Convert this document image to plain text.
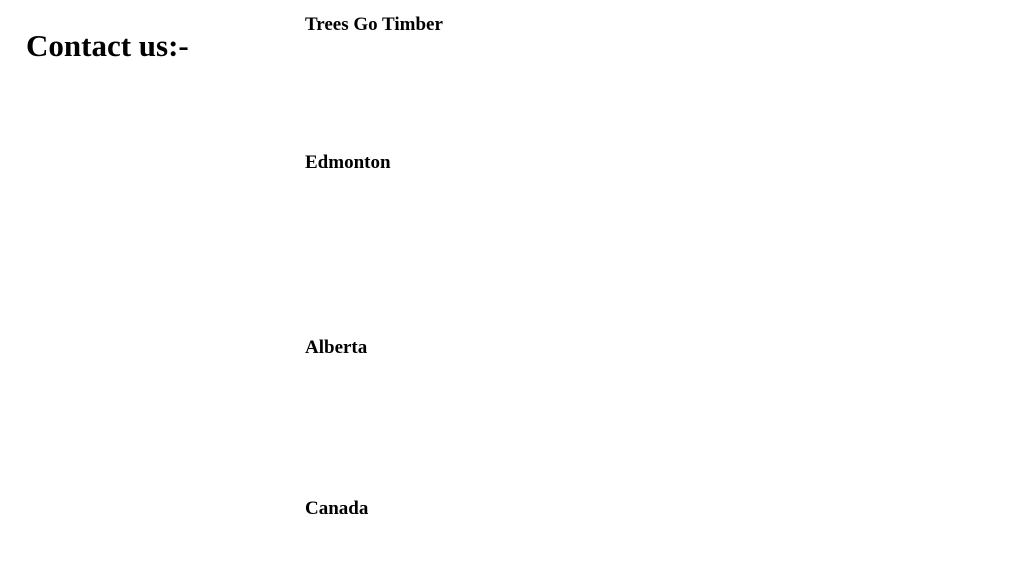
Contact us:-
Trees Go Timber
Edmonton
Alberta
Canada
